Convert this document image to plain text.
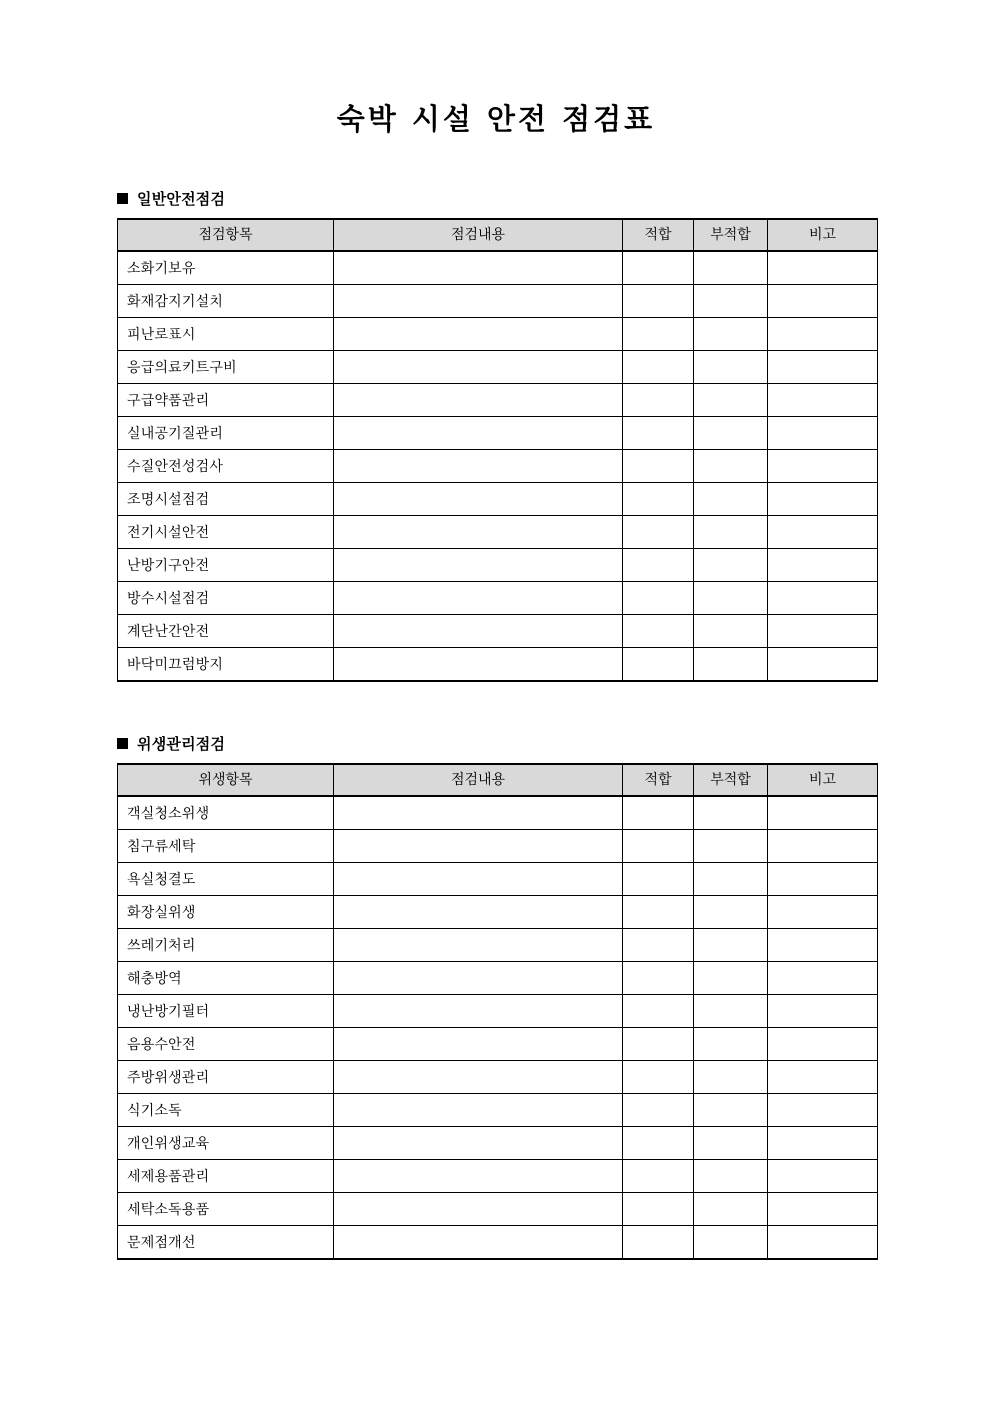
숙박 시설 안전 점검표
일반안전점검
점검항목	점검내용	적합	부적합	비고
소화기보유				
화재감지기설치				
피난로표시				
응급의료키트구비				
구급약품관리				
실내공기질관리				
수질안전성검사				
조명시설점검				
전기시설안전				
난방기구안전				
방수시설점검				
계단난간안전				
바닥미끄럼방지				
위생관리점검
위생항목	점검내용	적합	부적합	비고
객실청소위생				
침구류세탁				
욕실청결도				
화장실위생				
쓰레기처리				
해충방역				
냉난방기필터				
음용수안전				
주방위생관리				
식기소독				
개인위생교육				
세제용품관리				
세탁소독용품				
문제점개선				
